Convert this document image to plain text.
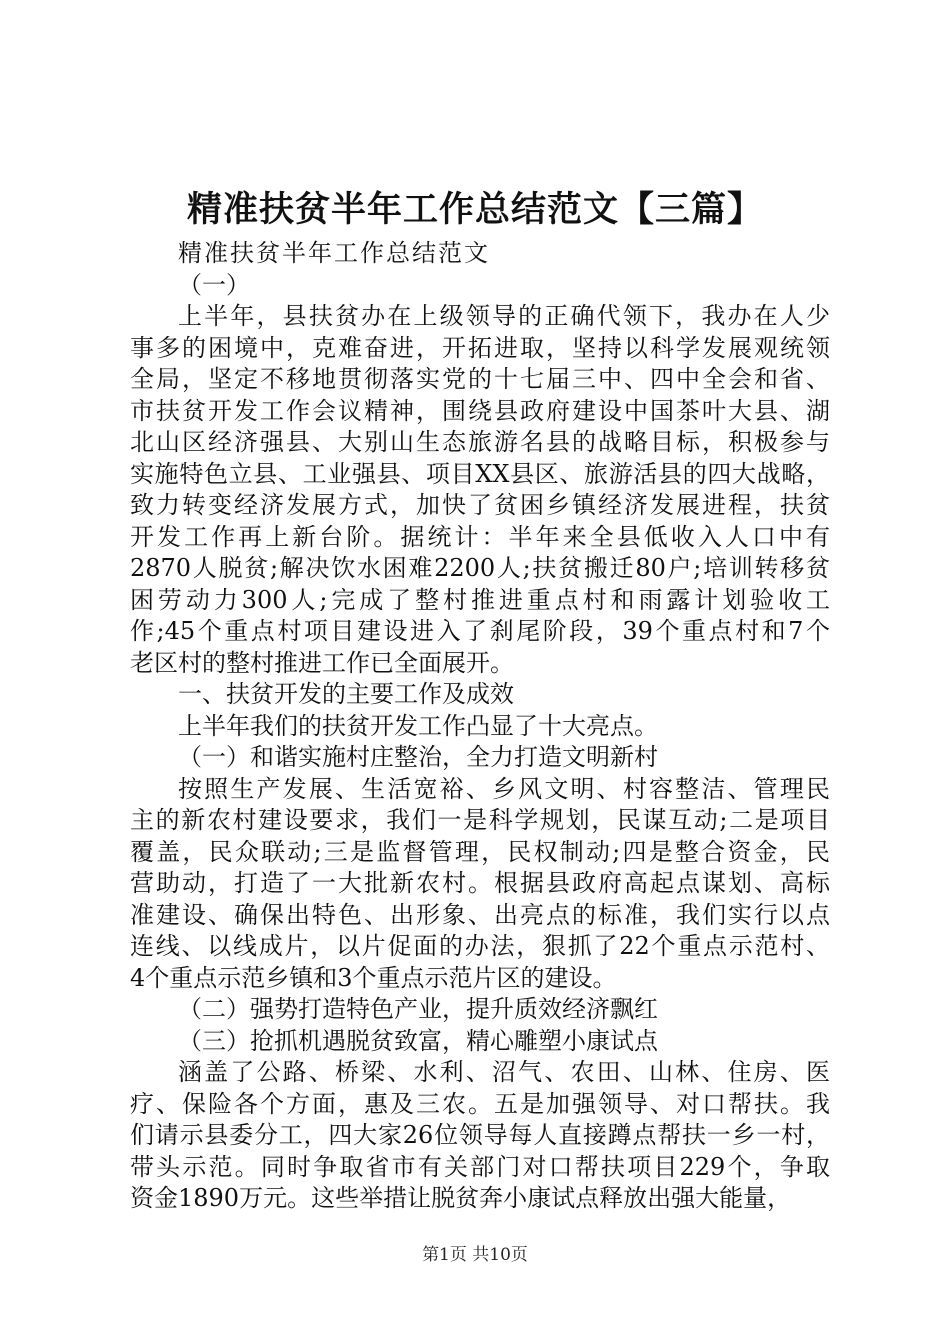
精准扶贫半年工作总结范文【三篇】
精准扶贫半年工作总结范文
（一）
上半年，县扶贫办在上级领导的正确代领下，我办在人少
事多的困境中，克难奋进，开拓进取，坚持以科学发展观统领
全局，坚定不移地贯彻落实党的十七届三中、四中全会和省、
市扶贫开发工作会议精神，围绕县政府建设中国茶叶大县、湖
北山区经济强县、大别山生态旅游名县的战略目标，积极参与
实施特色立县、工业强县、项目XX县区、旅游活县的四大战略，
致力转变经济发展方式，加快了贫困乡镇经济发展进程，扶贫
开发工作再上新台阶。据统计：半年来全县低收入人口中有
2870人脱贫;解决饮水困难2200人;扶贫搬迁80户;培训转移贫
困劳动力300人;完成了整村推进重点村和雨露计划验收工
作;45个重点村项目建设进入了刹尾阶段，39个重点村和7个
老区村的整村推进工作已全面展开。
一、扶贫开发的主要工作及成效
上半年我们的扶贫开发工作凸显了十大亮点。
（一）和谐实施村庄整治，全力打造文明新村
按照生产发展、生活宽裕、乡风文明、村容整洁、管理民
主的新农村建设要求，我们一是科学规划，民谋互动;二是项目
覆盖，民众联动;三是监督管理，民权制动;四是整合资金，民
营助动，打造了一大批新农村。根据县政府高起点谋划、高标
准建设、确保出特色、出形象、出亮点的标准，我们实行以点
连线、以线成片，以片促面的办法，狠抓了22个重点示范村、
4个重点示范乡镇和3个重点示范片区的建设。
（二）强势打造特色产业，提升质效经济飘红
（三）抢抓机遇脱贫致富，精心雕塑小康试点
涵盖了公路、桥梁、水利、沼气、农田、山林、住房、医
疗、保险各个方面，惠及三农。五是加强领导、对口帮扶。我
们请示县委分工，四大家26位领导每人直接蹲点帮扶一乡一村，
带头示范。同时争取省市有关部门对口帮扶项目229个，争取
资金1890万元。这些举措让脱贫奔小康试点释放出强大能量，
第1页 共10页
